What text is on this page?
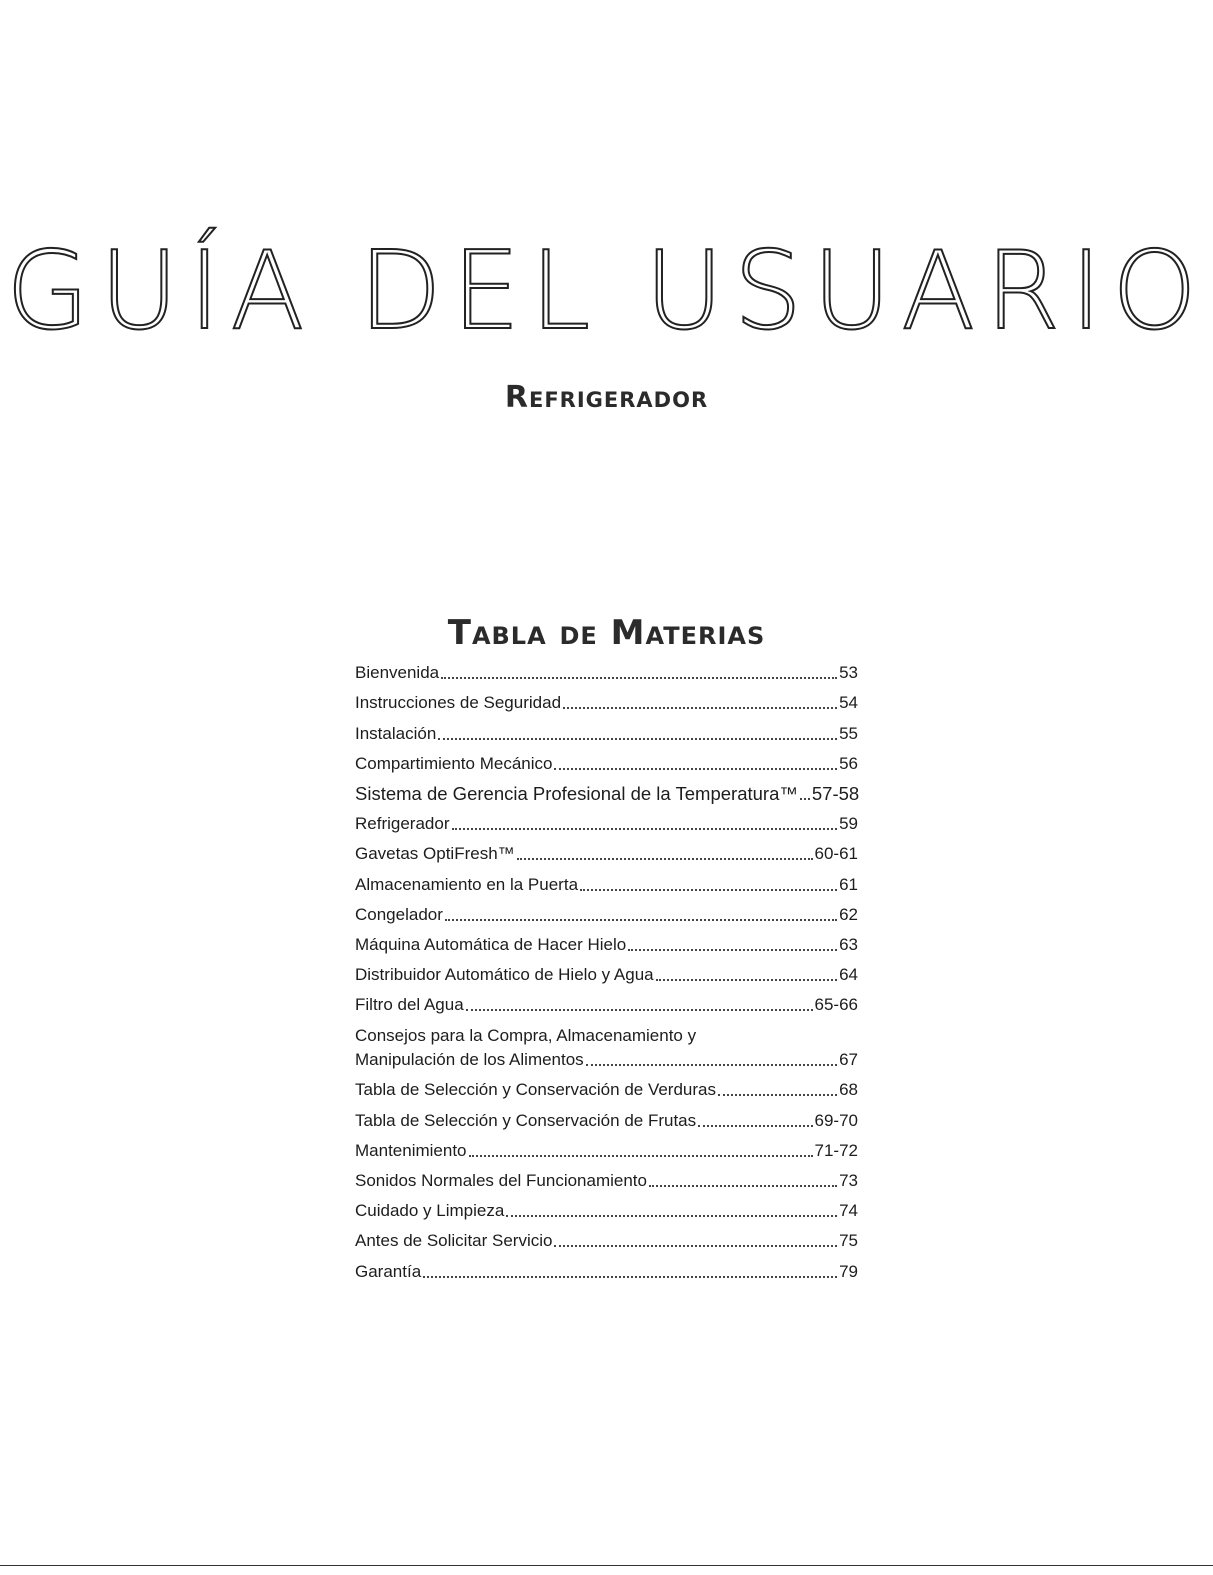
GUÍA DEL USUARIO
Refrigerador
Tabla de Materias
Bienvenida	53
Instrucciones de Seguridad	54
Instalación	55
Compartimiento Mecánico	56
Sistema de Gerencia Profesional de la Temperatura™ 57-58
Refrigerador	59
Gavetas OptiFresh™	60-61
Almacenamiento en la Puerta	61
Congelador	62
Máquina Automática de Hacer Hielo	63
Distribuidor Automático de Hielo y Agua	64
Filtro del Agua	65-66
Consejos para la Compra, Almacenamiento y
Manipulación de los Alimentos	67
Tabla de Selección y Conservación de Verduras	68
Tabla de Selección y Conservación de Frutas	69-70
Mantenimiento	71-72
Sonidos Normales del Funcionamiento	73
Cuidado y Limpieza	74
Antes de Solicitar Servicio	75
Garantía	79
